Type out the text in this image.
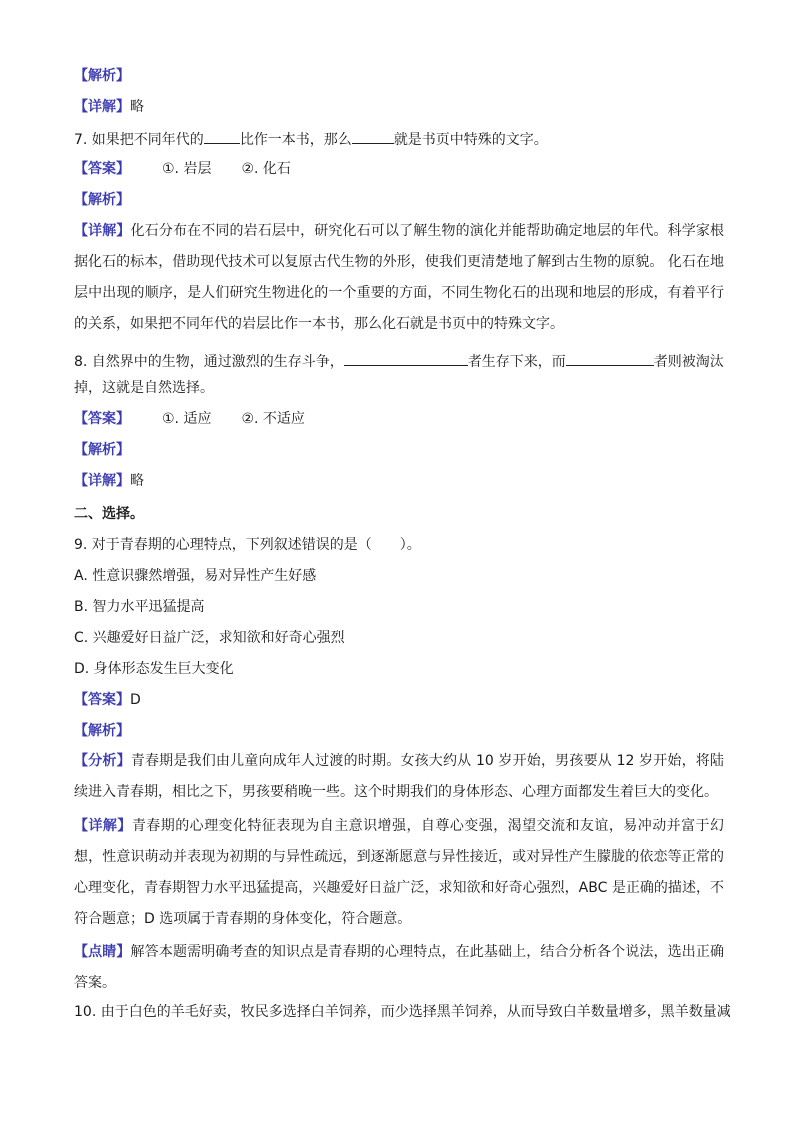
【解析】
【详解】略
7. 如果把不同年代的	比作一本书，那么	就是书页中特殊的文字。
【答案】 ①. 岩层 ②. 化石
【解析】
【详解】化石分布在不同的岩石层中，研究化石可以了解生物的演化并能帮助确定地层的年代。科学家根据化石的标本，借助现代技术可以复原古代生物的外形，使我们更清楚地了解到古生物的原貌。 化石在地层中出现的顺序，是人们研究生物进化的一个重要的方面，不同生物化石的出现和地层的形成，有着平行的关系，如果把不同年代的岩层比作一本书，那么化石就是书页中的特殊文字。
8. 自然界中的生物，通过激烈的生存斗争，	者生存下来，而	者则被淘汰
掉，这就是自然选择。
【答案】 ①. 适应 ②. 不适应
【解析】
【详解】略
二、选择。
9. 对于青春期的心理特点，下列叙述错误的是（　　）。
A. 性意识骤然增强，易对异性产生好感
B. 智力水平迅猛提高
C. 兴趣爱好日益广泛，求知欲和好奇心强烈
D. 身体形态发生巨大变化
【答案】D
【解析】
【分析】青春期是我们由儿童向成年人过渡的时期。女孩大约从 10 岁开始，男孩要从 12 岁开始，将陆续进入青春期，相比之下，男孩要稍晚一些。这个时期我们的身体形态、心理方面都发生着巨大的变化。
【详解】青春期的心理变化特征表现为自主意识增强，自尊心变强，渴望交流和友谊，易冲动并富于幻想，性意识萌动并表现为初期的与异性疏远，到逐渐愿意与异性接近，或对异性产生朦胧的依恋等正常的心理变化，青春期智力水平迅猛提高，兴趣爱好日益广泛，求知欲和好奇心强烈，ABC 是正确的描述，不符合题意；D 选项属于青春期的身体变化，符合题意。
【点睛】解答本题需明确考查的知识点是青春期的心理特点，在此基础上，结合分析各个说法，选出正确答案。
10. 由于白色的羊毛好卖，牧民多选择白羊饲养，而少选择黑羊饲养，从而导致白羊数量增多，黑羊数量减
